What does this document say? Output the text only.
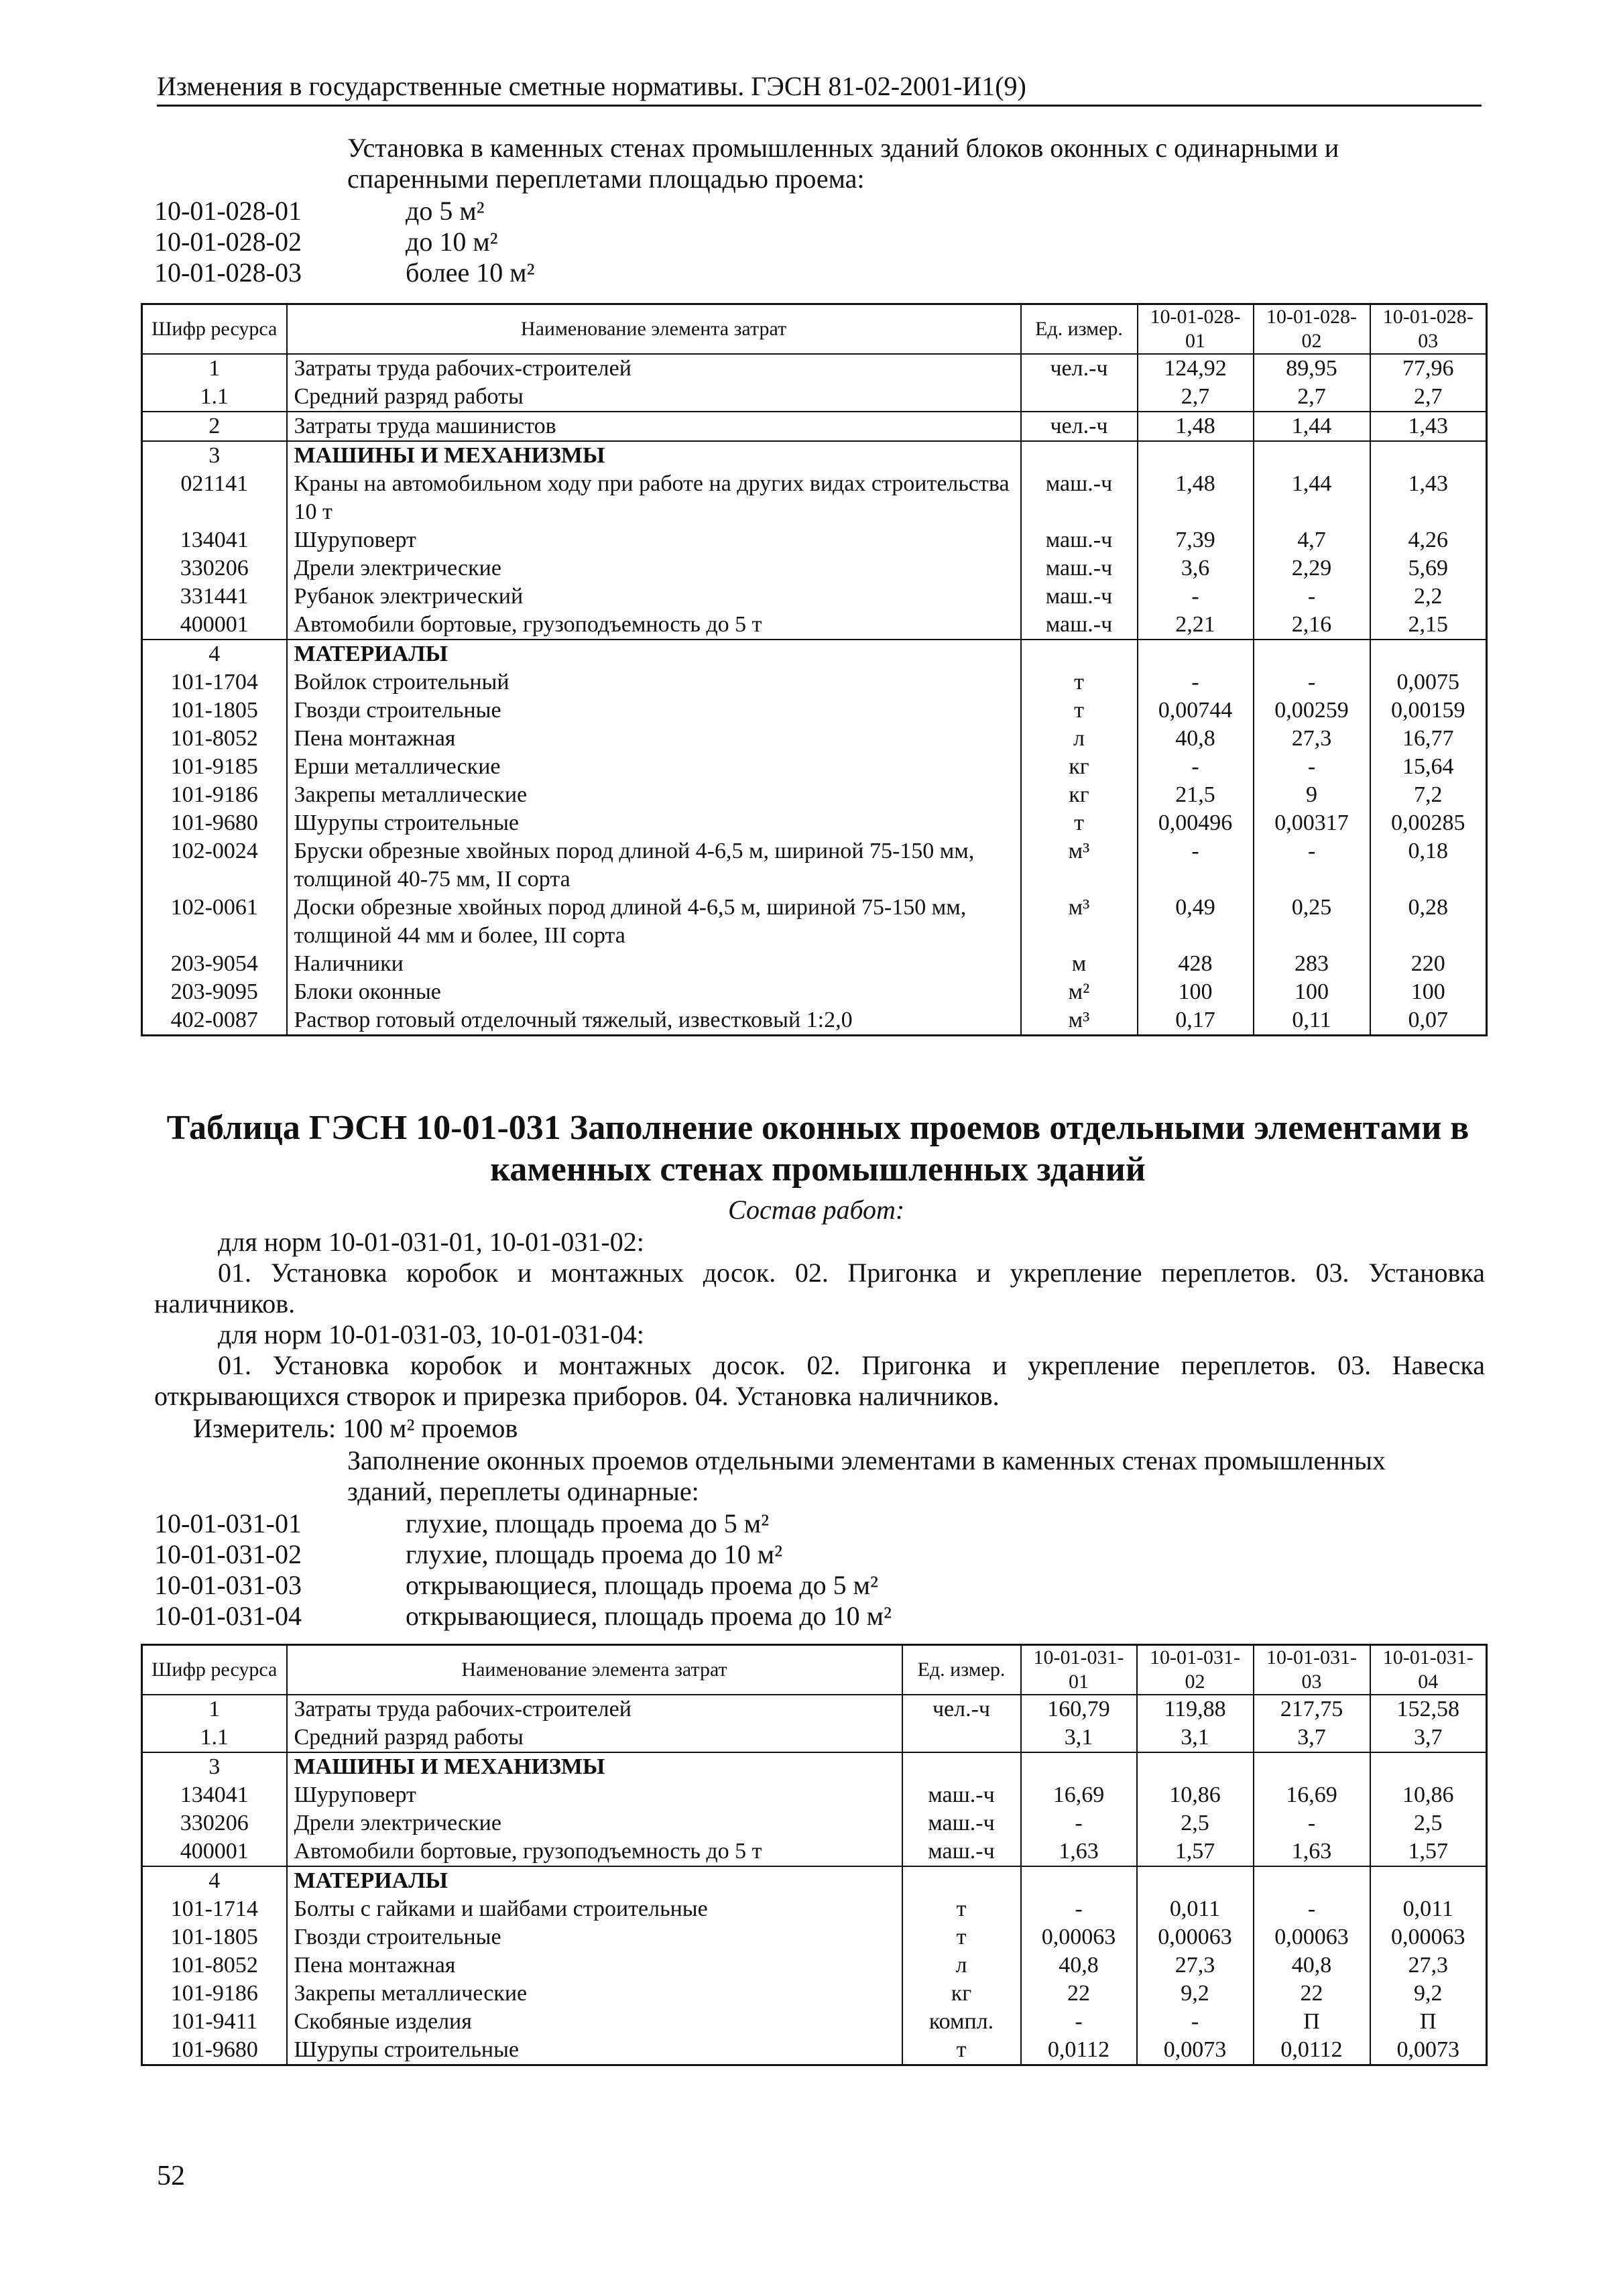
Изменения в государственные сметные нормативы. ГЭСН 81-02-2001-И1(9)
Установка в каменных стенах промышленных зданий блоков оконных с одинарными и
спаренными переплетами площадью проема:
10-01-028-01	до 5 м²
10-01-028-02	до 10 м²
10-01-028-03	более 10 м²
Шифр ресурса	Наименование элемента затрат	Ед. измер.	10-01-028-01	10-01-028-02	10-01-028-03
1	Затраты труда рабочих-строителей	чел.-ч	124,92	89,95	77,96
1.1	Средний разряд работы		2,7	2,7	2,7
2	Затраты труда машинистов	чел.-ч	1,48	1,44	1,43
3	МАШИНЫ И МЕХАНИЗМЫ				
021141	Краны на автомобильном ходу при работе на других видах строительства 10 т	маш.-ч	1,48	1,44	1,43
134041	Шуруповерт	маш.-ч	7,39	4,7	4,26
330206	Дрели электрические	маш.-ч	3,6	2,29	5,69
331441	Рубанок электрический	маш.-ч	-	-	2,2
400001	Автомобили бортовые, грузоподъемность до 5 т	маш.-ч	2,21	2,16	2,15
4	МАТЕРИАЛЫ				
101-1704	Войлок строительный	т	-	-	0,0075
101-1805	Гвозди строительные	т	0,00744	0,00259	0,00159
101-8052	Пена монтажная	л	40,8	27,3	16,77
101-9185	Ерши металлические	кг	-	-	15,64
101-9186	Закрепы металлические	кг	21,5	9	7,2
101-9680	Шурупы строительные	т	0,00496	0,00317	0,00285
102-0024	Бруски обрезные хвойных пород длиной 4-6,5 м, шириной 75-150 мм, толщиной 40-75 мм, II сорта	м³	-	-	0,18
102-0061	Доски обрезные хвойных пород длиной 4-6,5 м, шириной 75-150 мм, толщиной 44 мм и более, III сорта	м³	0,49	0,25	0,28
203-9054	Наличники	м	428	283	220
203-9095	Блоки оконные	м²	100	100	100
402-0087	Раствор готовый отделочный тяжелый, известковый 1:2,0	м³	0,17	0,11	0,07
Таблица ГЭСН 10-01-031 Заполнение оконных проемов отдельными элементами в
каменных стенах промышленных зданий
Состав работ:
для норм 10-01-031-01, 10-01-031-02:
01. Установка коробок и монтажных досок. 02. Пригонка и укрепление переплетов. 03. Установка
наличников.
для норм 10-01-031-03, 10-01-031-04:
01. Установка коробок и монтажных досок. 02. Пригонка и укрепление переплетов. 03. Навеска
открывающихся створок и прирезка приборов. 04. Установка наличников.
Измеритель: 100 м² проемов
Заполнение оконных проемов отдельными элементами в каменных стенах промышленных
зданий, переплеты одинарные:
10-01-031-01	глухие, площадь проема до 5 м²
10-01-031-02	глухие, площадь проема до 10 м²
10-01-031-03	открывающиеся, площадь проема до 5 м²
10-01-031-04	открывающиеся, площадь проема до 10 м²
Шифр ресурса	Наименование элемента затрат	Ед. измер.	10-01-031-01	10-01-031-02	10-01-031-03	10-01-031-04
1	Затраты труда рабочих-строителей	чел.-ч	160,79	119,88	217,75	152,58
1.1	Средний разряд работы		3,1	3,1	3,7	3,7
3	МАШИНЫ И МЕХАНИЗМЫ					
134041	Шуруповерт	маш.-ч	16,69	10,86	16,69	10,86
330206	Дрели электрические	маш.-ч	-	2,5	-	2,5
400001	Автомобили бортовые, грузоподъемность до 5 т	маш.-ч	1,63	1,57	1,63	1,57
4	МАТЕРИАЛЫ					
101-1714	Болты с гайками и шайбами строительные	т	-	0,011	-	0,011
101-1805	Гвозди строительные	т	0,00063	0,00063	0,00063	0,00063
101-8052	Пена монтажная	л	40,8	27,3	40,8	27,3
101-9186	Закрепы металлические	кг	22	9,2	22	9,2
101-9411	Скобяные изделия	компл.	-	-	П	П
101-9680	Шурупы строительные	т	0,0112	0,0073	0,0112	0,0073
52
